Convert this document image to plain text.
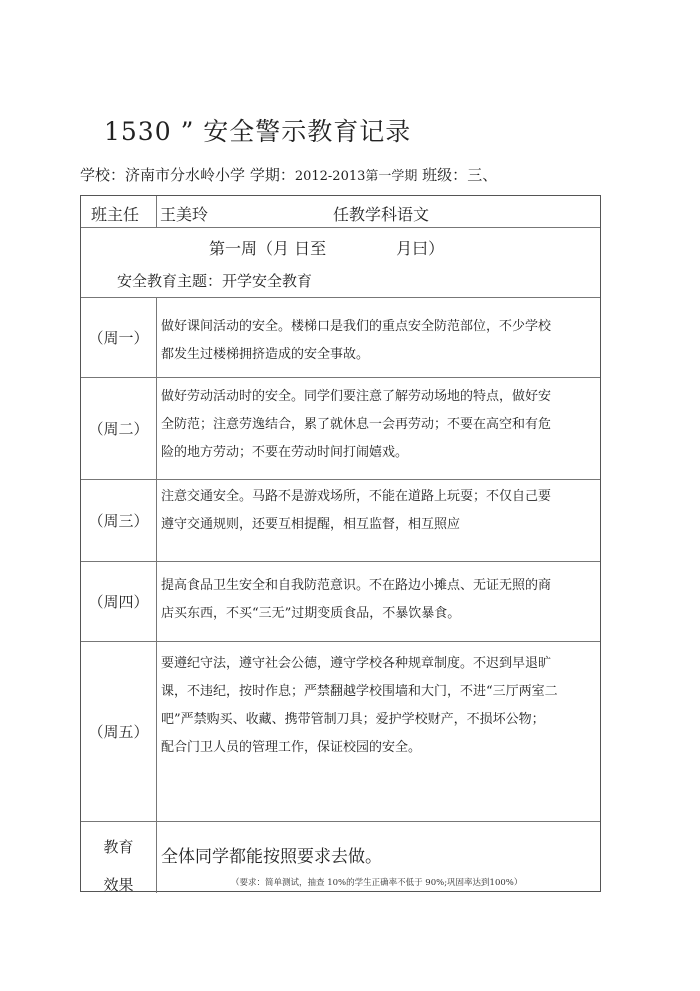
1530 ” 安全警示教育记录
学校：济南市分水岭小学 学期：2012-2013第一学期 班级：三、
班主任 王美玲	任教学科语文
第一周（月 日至	月曰）
安全教育主题：开学安全教育
（周一）
做好课间活动的安全。楼梯口是我们的重点安全防范部位，不少学校
都发生过楼梯拥挤造成的安全事故。
（周二）
做好劳动活动时的安全。同学们要注意了解劳动场地的特点，做好安
全防范；注意劳逸结合，累了就休息一会再劳动；不要在高空和有危
险的地方劳动；不要在劳动时间打闹嬉戏。
（周三）
注意交通安全。马路不是游戏场所，不能在道路上玩耍；不仅自己要
遵守交通规则，还要互相提醒，相互监督，相互照应
（周四）
提高食品卫生安全和自我防范意识。不在路边小摊点、无证无照的商
店买东西，不买“三无”过期变质食品，不暴饮暴食。
（周五）
要遵纪守法，遵守社会公德，遵守学校各种规章制度。不迟到早退旷
课，不违纪，按时作息；严禁翻越学校围墙和大门，不进“三厅两室二
吧”严禁购买、收藏、携带管制刀具；爱护学校财产，不损坏公物；
配合门卫人员的管理工作，保证校园的安全。
教育
效果
全体同学都能按照要求去做。
（要求：简单测试，抽查 10%的学生正确率不低于 90%;巩固率达到100%）
